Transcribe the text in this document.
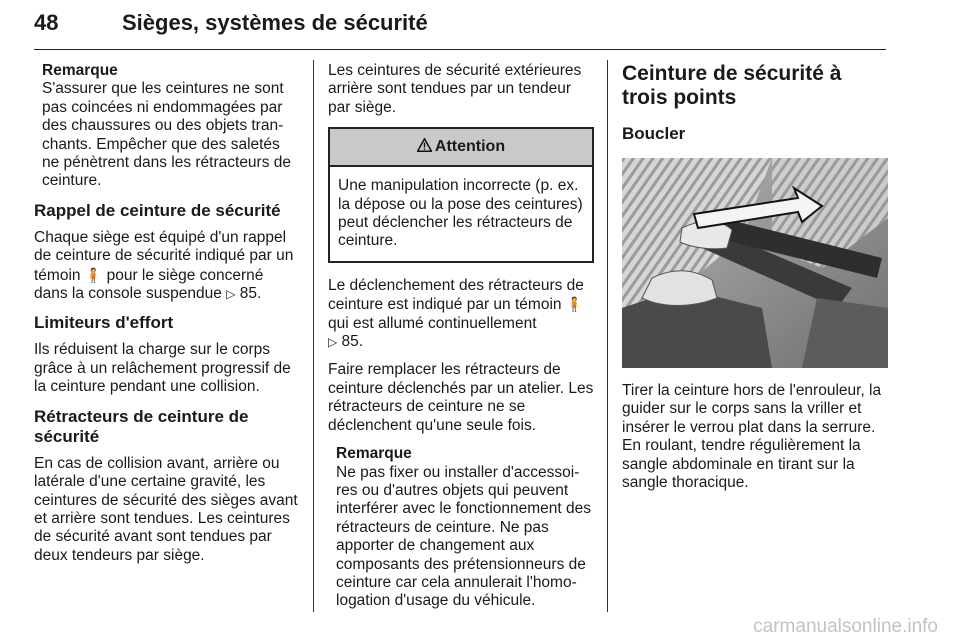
48	Sièges, systèmes de sécurité
Remarque
S'assurer que les ceintures ne sont pas coincées ni endommagées par des chaussures ou des objets tran-chants. Empêcher que des saletés ne pénètrent dans les rétracteurs de ceinture.
Rappel de ceinture de sécurité

Chaque siège est équipé d'un rappel de ceinture de sécurité indiqué par un témoin 🧍 pour le siège concerné dans la console suspendue ▷ 85.

Limiteurs d'effort

Ils réduisent la charge sur le corps grâce à un relâchement progressif de la ceinture pendant une collision.

Rétracteurs de ceinture de sécurité

En cas de collision avant, arrière ou latérale d'une certaine gravité, les ceintures de sécurité des sièges avant et arrière sont tendues. Les ceintures de sécurité avant sont tendues par deux tendeurs par siège.

Les ceintures de sécurité extérieures arrière sont tendues par un tendeur par siège.

Attention
Une manipulation incorrecte (p. ex. la dépose ou la pose des ceintures) peut déclencher les rétracteurs de ceinture.

Le déclenchement des rétracteurs de ceinture est indiqué par un témoin 🧍 qui est allumé continuellement
▷ 85.

Faire remplacer les rétracteurs de ceinture déclenchés par un atelier. Les rétracteurs de ceinture ne se déclenchent qu'une seule fois.

Remarque
Ne pas fixer ou installer d'accessoi-res ou d'autres objets qui peuvent interférer avec le fonctionnement des rétracteurs de ceinture. Ne pas apporter de changement aux composants des prétensionneurs de ceinture car cela annulerait l'homo-logation d'usage du véhicule.
Ceinture de sécurité à trois points
Boucler

Tirer la ceinture hors de l'enrouleur, la guider sur le corps sans la vriller et insérer le verrou plat dans la serrure. En roulant, tendre régulièrement la sangle abdominale en tirant sur la sangle thoracique.

carmanualsonline.info
